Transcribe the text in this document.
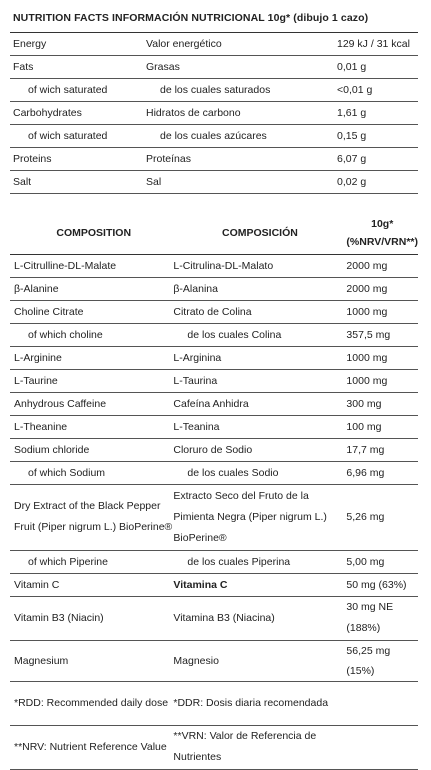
NUTRITION FACTS INFORMACIÓN NUTRICIONAL 10g* (dibujo 1 cazo)
Energy	Valor energético	129 kJ / 31 kcal
Fats	Grasas	0,01 g
of wich saturated	de los cuales saturados	<0,01 g
Carbohydrates	Hidratos de carbono	1,61 g
of wich saturated	de los cuales azúcares	0,15 g
Proteins	Proteínas	6,07 g
Salt	Sal	0,02 g
COMPOSITION	COMPOSICIÓN	10g*
(%NRV/VRN**)

L-Citrulline-DL-Malate	L-Citrulina-DL-Malato	2000 mg
β-Alanine	β-Alanina	2000 mg
Choline Citrate	Citrato de Colina	1000 mg
of which choline	de los cuales Colina	357,5 mg
L-Arginine	L-Arginina	1000 mg
L-Taurine	L-Taurina	1000 mg
Anhydrous Caffeine	Cafeína Anhidra	300 mg
L-Theanine	L-Teanina	100 mg
Sodium chloride	Cloruro de Sodio	17,7 mg
of which Sodium	de los cuales Sodio	6,96 mg
Dry Extract of the Black Pepper Fruit (Piper nigrum L.) BioPerine®	Extracto Seco del Fruto de la Pimienta Negra (Piper nigrum L.) BioPerine®	5,26 mg
of which Piperine	de los cuales Piperina	5,00 mg
Vitamin C	Vitamina C	50 mg (63%)
Vitamin B3 (Niacin)	Vitamina B3 (Niacina)	30 mg NE (188%)
Magnesium	Magnesio	56,25 mg (15%)
*RDD: Recommended daily dose	*DDR: Dosis diaria recomendada	
**NRV: Nutrient Reference Value	**VRN: Valor de Referencia de Nutrientes	
